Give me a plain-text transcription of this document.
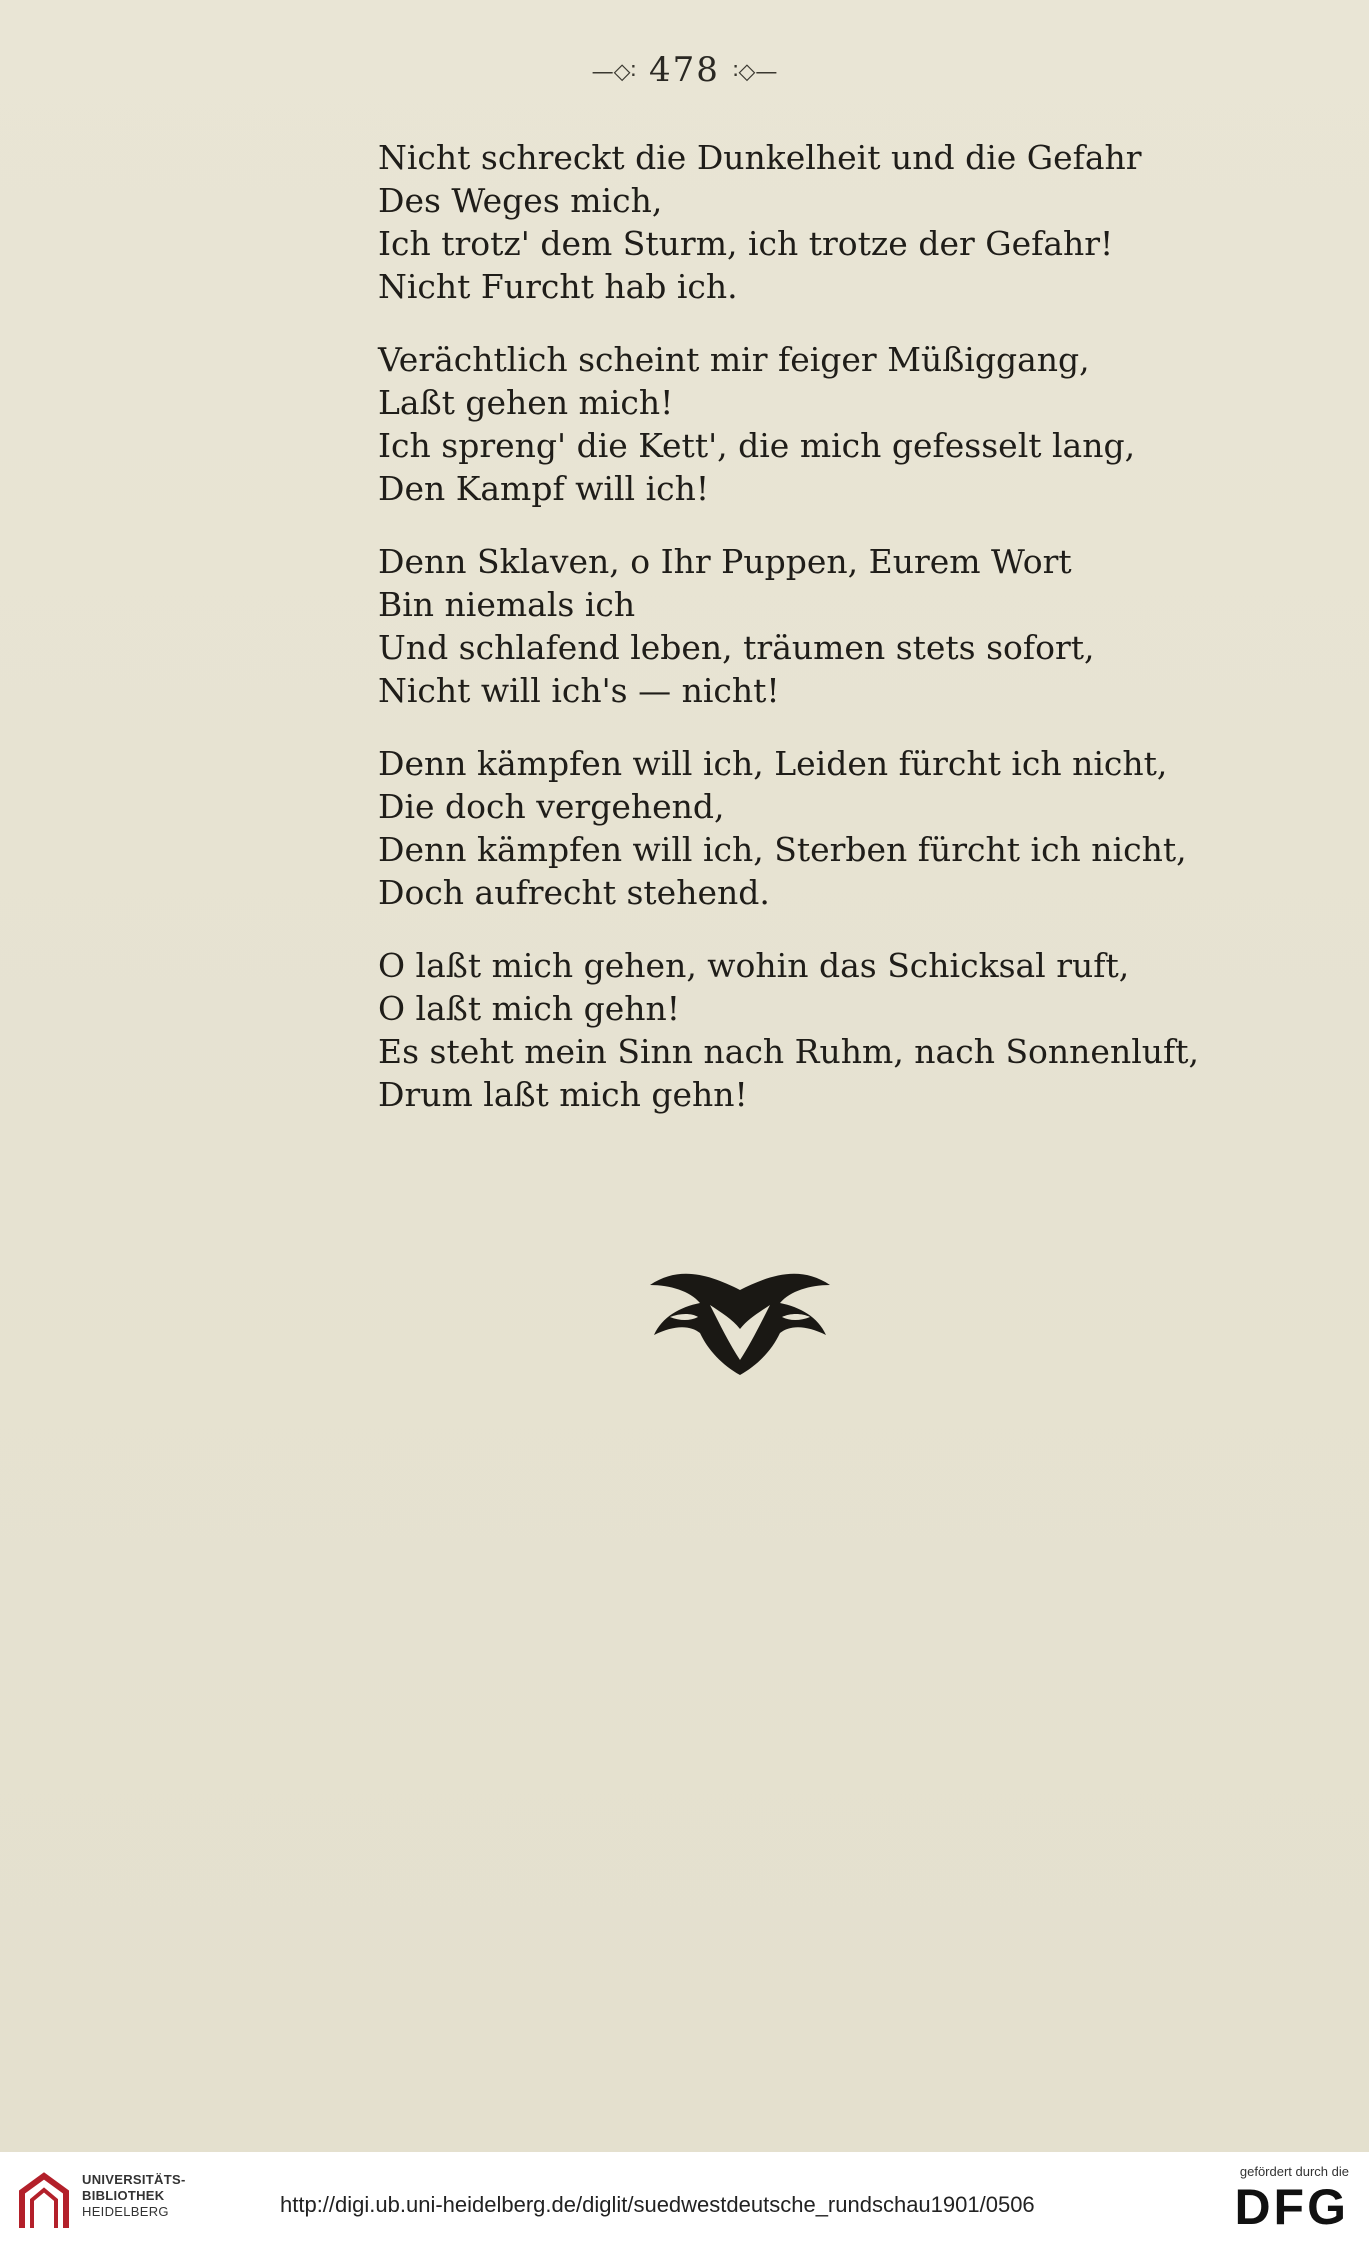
—◇∶ 478 ∶◇—
Nicht schreckt die Dunkelheit und die Gefahr
Des Weges mich,
Ich trotz' dem Sturm, ich trotze der Gefahr!
Nicht Furcht hab ich.
Verächtlich scheint mir feiger Müßiggang,
Laßt gehen mich!
Ich spreng' die Kett', die mich gefesselt lang,
Den Kampf will ich!
Denn Sklaven, o Ihr Puppen, Eurem Wort
Bin niemals ich
Und schlafend leben, träumen stets sofort,
Nicht will ich's — nicht!
Denn kämpfen will ich, Leiden fürcht ich nicht,
Die doch vergehend,
Denn kämpfen will ich, Sterben fürcht ich nicht,
Doch aufrecht stehend.
O laßt mich gehen, wohin das Schicksal ruft,
O laßt mich gehn!
Es steht mein Sinn nach Ruhm, nach Sonnenluft,
Drum laßt mich gehn!
UNIVERSITÄTS-
BIBLIOTHEK
HEIDELBERG	http://digi.ub.uni-heidelberg.de/diglit/suedwestdeutsche_rundschau1901/0506
gefördert durch die
DFG
